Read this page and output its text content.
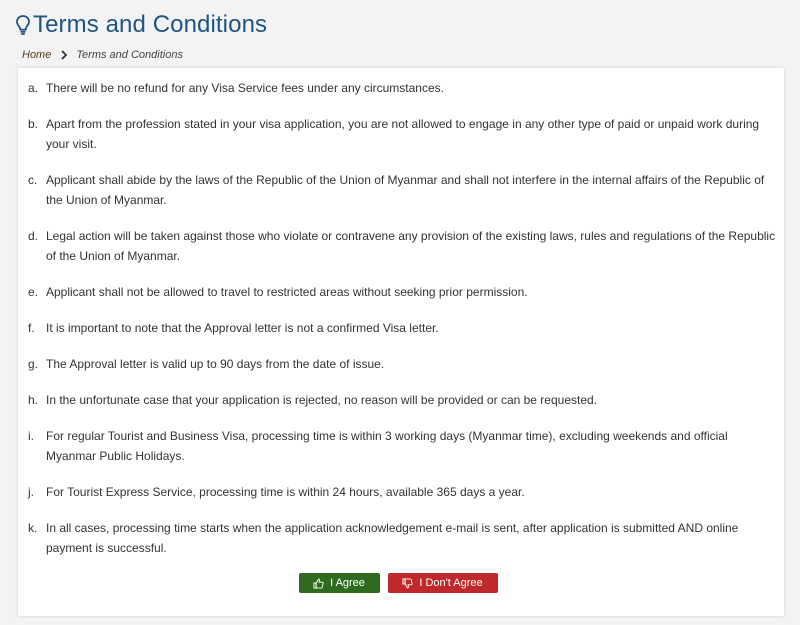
Terms and Conditions
Home Terms and Conditions
a. There will be no refund for any Visa Service fees under any circumstances.
b. Apart from the profession stated in your visa application, you are not allowed to engage in any other type of paid or unpaid work during your visit.
c. Applicant shall abide by the laws of the Republic of the Union of Myanmar and shall not interfere in the internal affairs of the Republic of the Union of Myanmar.
d. Legal action will be taken against those who violate or contravene any provision of the existing laws, rules and regulations of the Republic of the Union of Myanmar.
e. Applicant shall not be allowed to travel to restricted areas without seeking prior permission.
f. It is important to note that the Approval letter is not a confirmed Visa letter.
g. The Approval letter is valid up to 90 days from the date of issue.
h. In the unfortunate case that your application is rejected, no reason will be provided or can be requested.
i.	For regular Tourist and Business Visa, processing time is within 3 working days (Myanmar time), excluding weekends and official Myanmar Public Holidays.
j.	For Tourist Express Service, processing time is within 24 hours, available 365 days a year.
k. In all cases, processing time starts when the application acknowledgement e-mail is sent, after application is submitted AND online payment is successful.
I Agree	I Don't Agree
